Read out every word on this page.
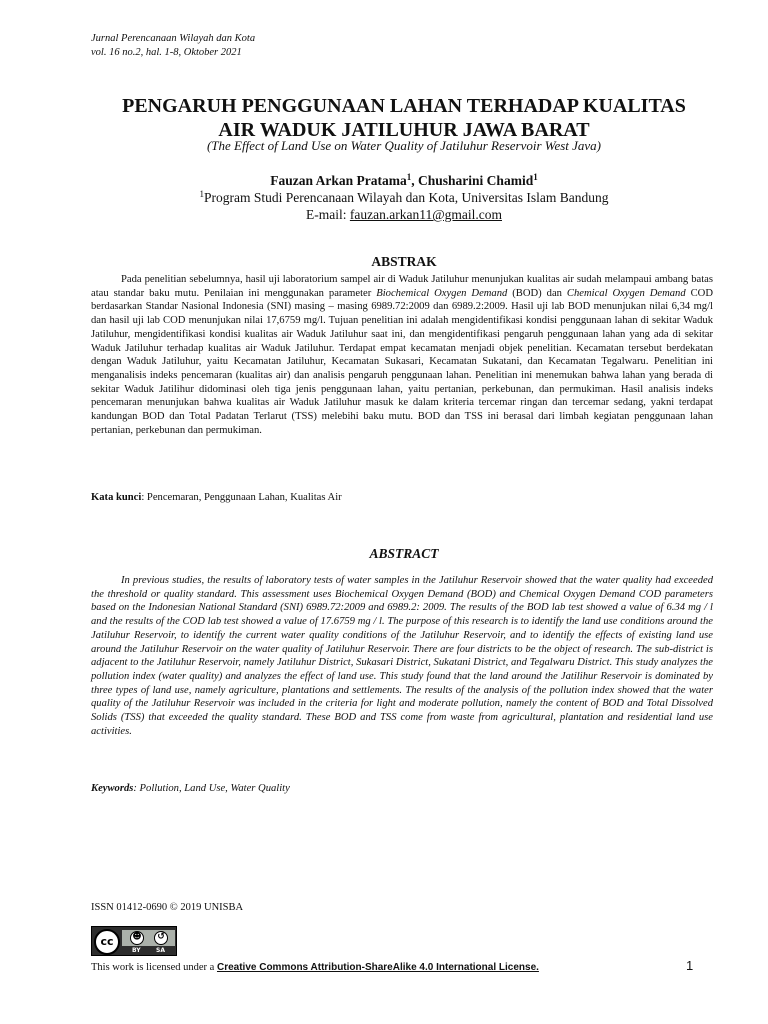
Jurnal Perencanaan Wilayah dan Kota
vol. 16 no.2, hal. 1-8, Oktober 2021
PENGARUH PENGGUNAAN LAHAN TERHADAP KUALITAS
AIR WADUK JATILUHUR JAWA BARAT
(The Effect of Land Use on Water Quality of Jatiluhur Reservoir West Java)
Fauzan Arkan Pratama$^1$, Chusharini Chamid$^1$
$^1$Program Studi Perencanaan Wilayah dan Kota, Universitas Islam Bandung
E-mail: fauzan.arkan11@gmail.com
ABSTRAK

Pada penelitian sebelumnya, hasil uji laboratorium sampel air di Waduk Jatiluhur menunjukan kualitas air sudah melampaui ambang batas atau standar baku mutu. Penilaian ini menggunakan parameter Biochemical Oxygen Demand (BOD) dan Chemical Oxygen Demand COD berdasarkan Standar Nasional Indonesia (SNI) masing – masing 6989.72:2009 dan 6989.2:2009. Hasil uji lab BOD menunjukan nilai 6,34 mg/l dan hasil uji lab COD menunjukan nilai 17,6759 mg/l. Tujuan penelitian ini adalah mengidentifikasi kondisi penggunaan lahan di sekitar Waduk Jatiluhur, mengidentifikasi kondisi kualitas air Waduk Jatiluhur saat ini, dan mengidentifikasi pengaruh penggunaan lahan yang ada di sekitar Waduk Jatiluhur terhadap kualitas air Waduk Jatiluhur. Terdapat empat kecamatan menjadi objek penelitian. Kecamatan tersebut berdekatan dengan Waduk Jatiluhur, yaitu Kecamatan Jatiluhur, Kecamatan Sukasari, Kecamatan Sukatani, dan Kecamatan Tegalwaru. Penelitian ini menganalisis indeks pencemaran (kualitas air) dan analisis pengaruh penggunaan lahan. Penelitian ini menemukan bahwa lahan yang berada di sekitar Waduk Jatilihur didominasi oleh tiga jenis penggunaan lahan, yaitu pertanian, perkebunan, dan permukiman. Hasil analisis indeks pencemaran menunjukan bahwa kualitas air Waduk Jatiluhur masuk ke dalam kriteria tercemar ringan dan tercemar sedang, yakni terdapat kandungan BOD dan Total Padatan Terlarut (TSS) melebihi baku mutu. BOD dan TSS ini berasal dari limbah kegiatan penggunaan lahan pertanian, perkebunan dan permukiman.

Kata kunci: Pencemaran, Penggunaan Lahan, Kualitas Air
ABSTRACT

In previous studies, the results of laboratory tests of water samples in the Jatiluhur Reservoir showed that the water quality had exceeded the threshold or quality standard. This assessment uses Biochemical Oxygen Demand (BOD) and Chemical Oxygen Demand COD parameters based on the Indonesian National Standard (SNI) 6989.72:2009 and 6989.2: 2009. The results of the BOD lab test showed a value of 6.34 mg / l and the results of the COD lab test showed a value of 17.6759 mg / l. The purpose of this research is to identify the land use conditions around the Jatiluhur Reservoir, to identify the current water quality conditions of the Jatiluhur Reservoir, and to identify the effects of existing land use around the Jatiluhur Reservoir on the water quality of Jatiluhur Reservoir. There are four districts to be the object of research. The sub-district is adjacent to the Jatiluhur Reservoir, namely Jatiluhur District, Sukasari District, Sukatani District, and Tegalwaru District. This study analyzes the pollution index (water quality) and analyzes the effect of land use. This study found that the land around the Jatilihur Reservoir is dominated by three types of land use, namely agriculture, plantations and settlements. The results of the analysis of the pollution index showed that the water quality of the Jatiluhur Reservoir was included in the criteria for light and moderate pollution, namely the content of BOD and Total Dissolved Solids (TSS) that exceeded the quality standard. These BOD and TSS come from waste from agricultural, plantation and residential land use activities.

Keywords: Pollution, Land Use, Water Quality
ISSN 01412-0690 © 2019 UNISBA
cc	☻	↺
BY	SA
This work is licensed under a Creative Commons Attribution-ShareAlike 4.0 International License.	1
